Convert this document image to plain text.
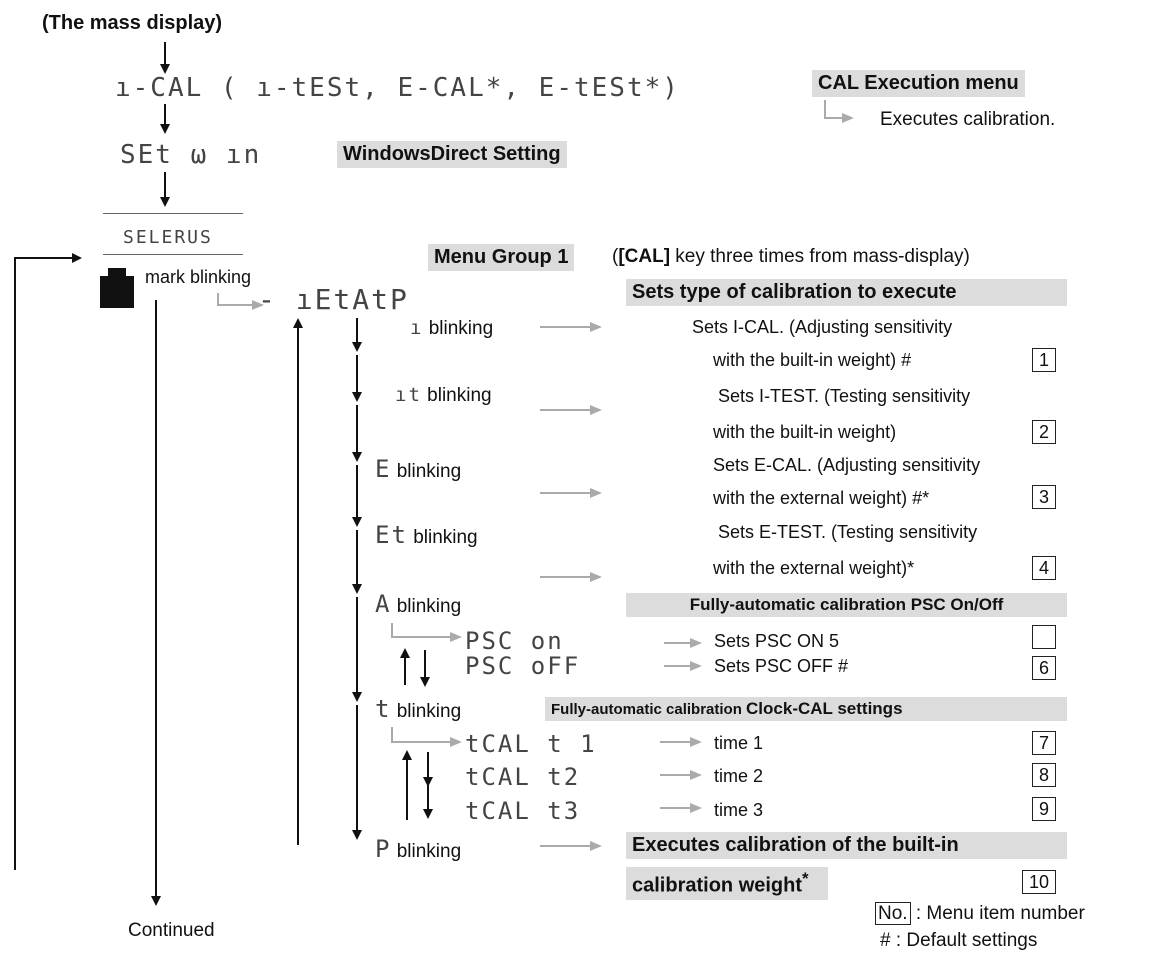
(The mass display)
ı-CAL ( ı-tESt, E-CAL*, E-tESt*)	CAL Execution menu
Executes calibration.
SEt ω ın	WindowsDirect Setting
SELERUS
mark blinking
Menu Group 1	([CAL] key three times from mass-display)
- ıEtAtP	Sets type of calibration to execute
ı blinking	Sets I-CAL. (Adjusting sensitivity
with the built-in weight) #	1
ıt blinking	Sets I-TEST. (Testing sensitivity
with the built-in weight)	2
E blinking	Sets E-CAL. (Adjusting sensitivity
with the external weight) #*	3
Et blinking	Sets E-TEST. (Testing sensitivity
with the external weight)*	4
A blinking	Fully-automatic calibration PSC On/Off
PSC on	Sets PSC ON 5
PSC oFF	Sets PSC OFF #	6
t blinking	Fully-automatic calibration Clock-CAL settings
tCAL t 1	time 1	7
tCAL t2	time 2	8
tCAL t3	time 3	9
P blinking	Executes calibration of the built-in
calibration weight*	10
Continued
No. : Menu item number
# : Default settings
